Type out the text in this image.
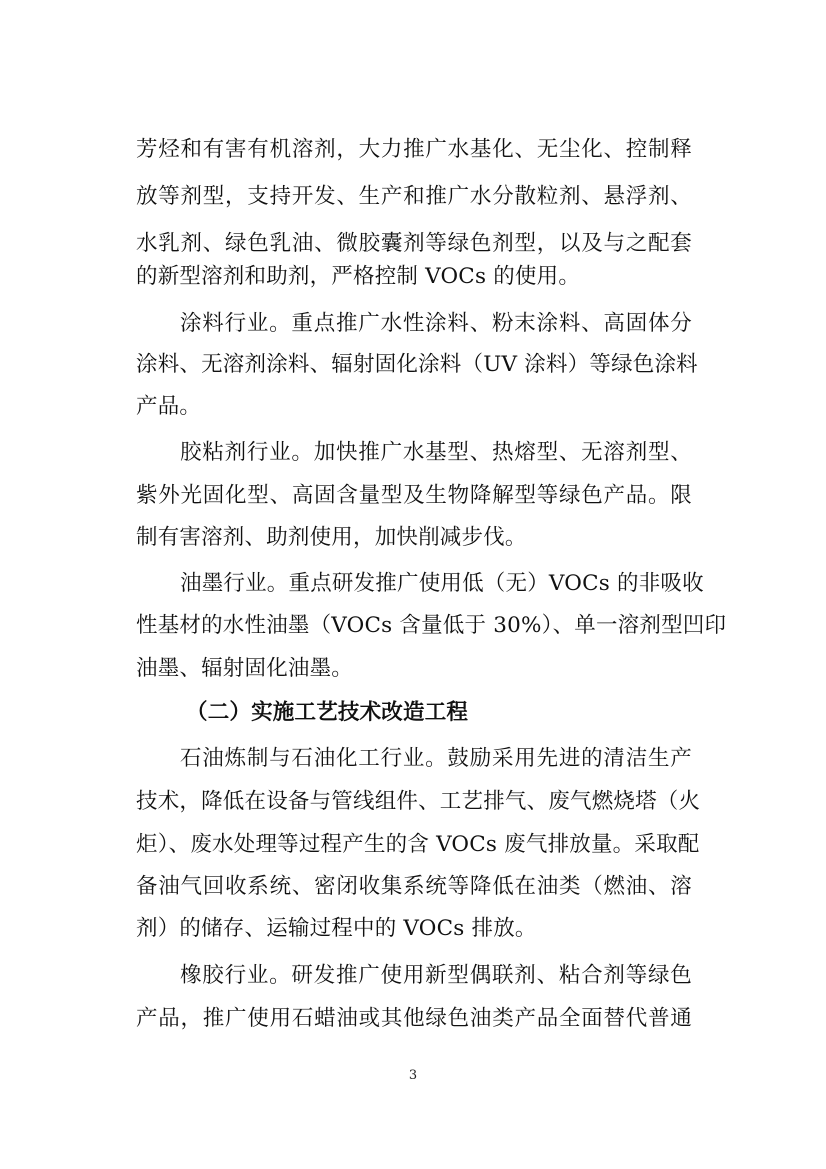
芳烃和有害有机溶剂，大力推广水基化、无尘化、控制释
放等剂型，支持开发、生产和推广水分散粒剂、悬浮剂、
水乳剂、绿色乳油、微胶囊剂等绿色剂型，以及与之配套
的新型溶剂和助剂，严格控制 VOCs 的使用。
涂料行业。重点推广水性涂料、粉末涂料、高固体分
涂料、无溶剂涂料、辐射固化涂料（UV 涂料）等绿色涂料
产品。
胶粘剂行业。加快推广水基型、热熔型、无溶剂型、
紫外光固化型、高固含量型及生物降解型等绿色产品。限
制有害溶剂、助剂使用，加快削减步伐。
油墨行业。重点研发推广使用低（无）VOCs 的非吸收
性基材的水性油墨（VOCs 含量低于 30%）、单一溶剂型凹印
油墨、辐射固化油墨。
（二）实施工艺技术改造工程
石油炼制与石油化工行业。鼓励采用先进的清洁生产
技术，降低在设备与管线组件、工艺排气、废气燃烧塔（火
炬）、废水处理等过程产生的含 VOCs 废气排放量。采取配
备油气回收系统、密闭收集系统等降低在油类（燃油、溶
剂）的储存、运输过程中的 VOCs 排放。
橡胶行业。研发推广使用新型偶联剂、粘合剂等绿色
产品，推广使用石蜡油或其他绿色油类产品全面替代普通
3
